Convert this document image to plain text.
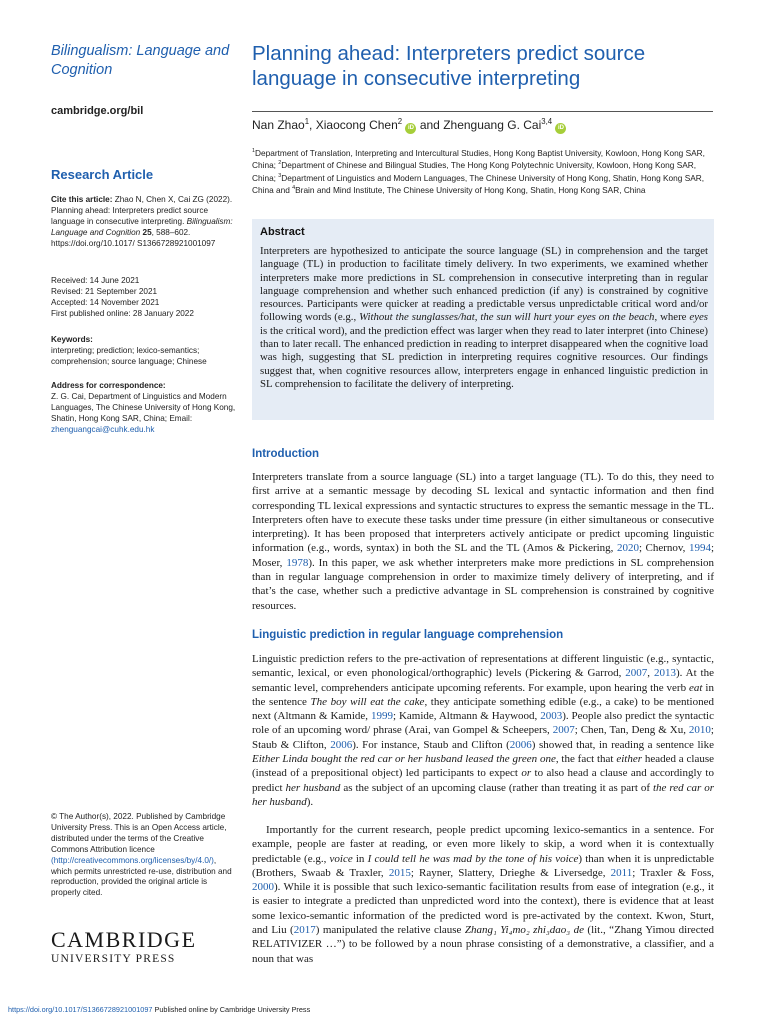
Bilingualism: Language and Cognition
cambridge.org/bil
Research Article
Cite this article: Zhao N, Chen X, Cai ZG (2022). Planning ahead: Interpreters predict source language in consecutive interpreting. Bilingualism: Language and Cognition 25, 588–602. https://doi.org/10.1017/ S1366728921001097
Received: 14 June 2021
Revised: 21 September 2021
Accepted: 14 November 2021
First published online: 28 January 2022
Keywords:
interpreting; prediction; lexico-semantics; comprehension; source language; Chinese
Address for correspondence:
Z. G. Cai, Department of Linguistics and Modern Languages, The Chinese University of Hong Kong, Shatin, Hong Kong SAR, China; Email: zhenguangcai@cuhk.edu.hk
© The Author(s), 2022. Published by Cambridge University Press. This is an Open Access article, distributed under the terms of the Creative Commons Attribution licence (http://creativecommons.org/licenses/by/4.0/), which permits unrestricted re-use, distribution and reproduction, provided the original article is properly cited.
CAMBRIDGE
UNIVERSITY PRESS
Planning ahead: Interpreters predict source language in consecutive interpreting
Nan Zhao$^1$, Xiaocong Chen$^2$ iD and Zhenguang G. Cai$^{3,4}$ iD
$^1$Department of Translation, Interpreting and Intercultural Studies, Hong Kong Baptist University, Kowloon, Hong Kong SAR, China; $^2$Department of Chinese and Bilingual Studies, The Hong Kong Polytechnic University, Kowloon, Hong Kong SAR, China; $^3$Department of Linguistics and Modern Languages, The Chinese University of Hong Kong, Shatin, Hong Kong SAR, China and $^4$Brain and Mind Institute, The Chinese University of Hong Kong, Shatin, Hong Kong SAR, China
Abstract
Interpreters are hypothesized to anticipate the source language (SL) in comprehension and the target language (TL) in production to facilitate timely delivery. In two experiments, we examined whether interpreters make more predictions in SL comprehension in consecutive interpreting than in regular language comprehension and whether such enhanced prediction (if any) is constrained by cognitive resources. Participants were quicker at reading a predictable versus unpredictable critical word and/or following words (e.g., Without the sunglasses/hat, the sun will hurt your eyes on the beach, where eyes is the critical word), and the prediction effect was larger when they read to later interpret (into Chinese) than to later recall. The enhanced prediction in reading to interpret disappeared when the cognitive load was high, suggesting that SL prediction in interpreting requires cognitive resources. Our findings suggest that, when cognitive resources allow, interpreters engage in enhanced linguistic prediction in SL comprehension to facilitate the delivery of interpreting.
Introduction
Interpreters translate from a source language (SL) into a target language (TL). To do this, they need to first arrive at a semantic message by decoding SL lexical and syntactic information and then find corresponding TL lexical expressions and syntactic structures to express the semantic message in the TL. Interpreters often have to execute these tasks under time pressure (in either simultaneous or consecutive interpreting). It has been proposed that interpreters actively anticipate or predict upcoming linguistic information (e.g., words, syntax) in both the SL and the TL (Amos & Pickering, 2020; Chernov, 1994; Moser, 1978). In this paper, we ask whether interpreters make more predictions in SL comprehension than in regular language comprehension in order to maximize timely delivery of interpreting, and if that’s the case, whether such a predictive advantage in SL comprehension is constrained by cognitive resources.
Linguistic prediction in regular language comprehension
Linguistic prediction refers to the pre-activation of representations at different linguistic (e.g., syntactic, semantic, lexical, or even phonological/orthographic) levels (Pickering & Garrod, 2007, 2013). At the semantic level, comprehenders anticipate upcoming referents. For example, upon hearing the verb eat in the sentence The boy will eat the cake, they anticipate something edible (e.g., a cake) to be mentioned next (Altmann & Kamide, 1999; Kamide, Altmann & Haywood, 2003). People also predict the syntactic role of an upcoming word/ phrase (Arai, van Gompel & Scheepers, 2007; Chen, Tan, Deng & Xu, 2010; Staub & Clifton, 2006). For instance, Staub and Clifton (2006) showed that, in reading a sentence like Either Linda bought the red car or her husband leased the green one, the fact that either headed a clause (instead of a prepositional object) led participants to expect or to also head a clause and accordingly to predict her husband as the subject of an upcoming clause (rather than treating it as part of the red car or her husband).
Importantly for the current research, people predict upcoming lexico-semantics in a sentence. For example, people are faster at reading, or even more likely to skip, a word when it is contextually predictable (e.g., voice in I could tell he was mad by the tone of his voice) than when it is unpredictable (Brothers, Swaab & Traxler, 2015; Rayner, Slattery, Drieghe & Liversedge, 2011; Traxler & Foss, 2000). While it is possible that such lexico-semantic facilitation results from ease of integration (e.g., it is easier to integrate a predicted than unpredicted word into the context), there is evidence that at least some lexico-semantic information of the predicted word is pre-activated by the context. Kwon, Sturt, and Liu (2017) manipulated the relative clause Zhang₁ Yi₄mo₂ zhi₃dao₃ de (lit., “Zhang Yimou directed RELATIVIZER …”) to be followed by a noun phrase consisting of a demonstrative, a classifier, and a noun that was
https://doi.org/10.1017/S1366728921001097 Published online by Cambridge University Press
